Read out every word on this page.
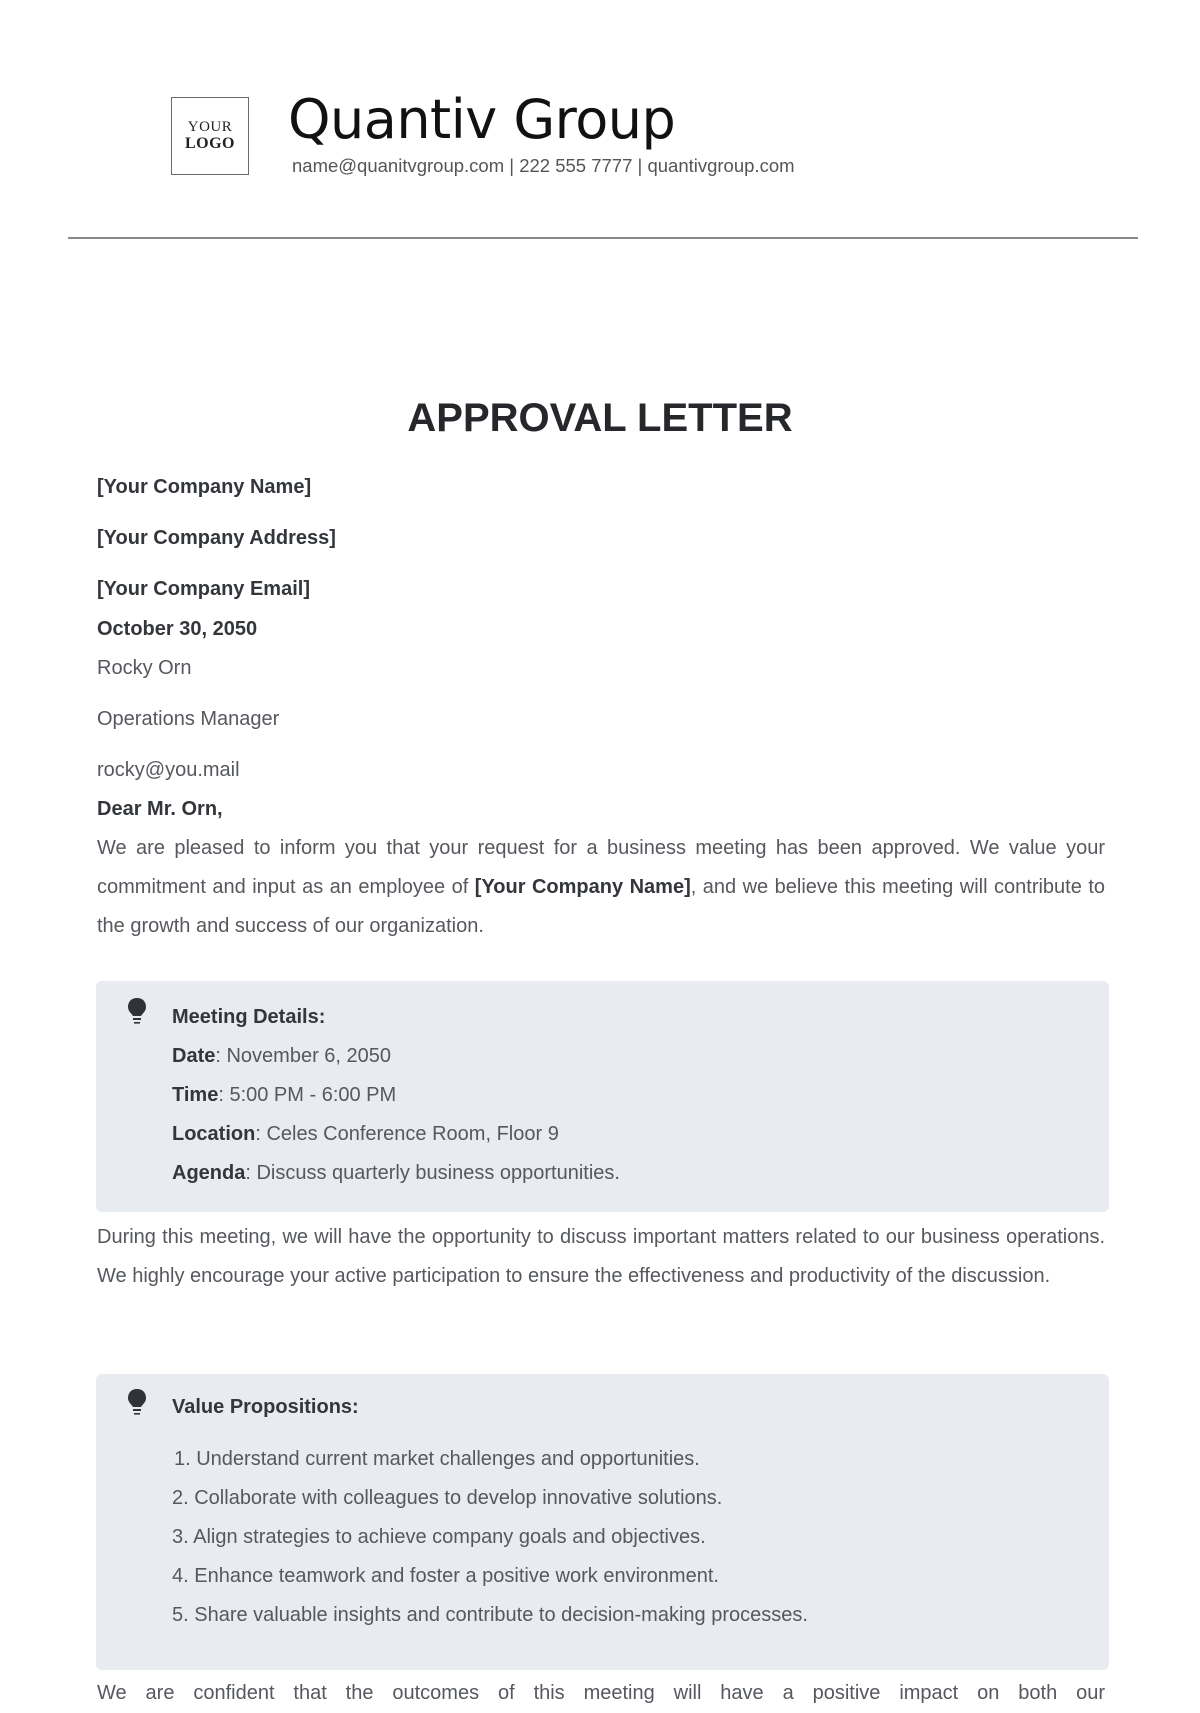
YOUR
LOGO Quantiv Group
name@quanitvgroup.com | 222 555 7777 | quantivgroup.com
APPROVAL LETTER
[Your Company Name]
[Your Company Address]
[Your Company Email]
October 30, 2050
Rocky Orn
Operations Manager
rocky@you.mail
Dear Mr. Orn,
We are pleased to inform you that your request for a business meeting has been approved. We value your commitment and input as an employee of [Your Company Name], and we believe this meeting will contribute to the growth and success of our organization.
Meeting Details:
Date: November 6, 2050
Time: 5:00 PM - 6:00 PM
Location: Celes Conference Room, Floor 9
Agenda: Discuss quarterly business opportunities.
During this meeting, we will have the opportunity to discuss important matters related to our business operations. We highly encourage your active participation to ensure the effectiveness and productivity of the discussion.
Value Propositions:
1. Understand current market challenges and opportunities.
2. Collaborate with colleagues to develop innovative solutions.
3. Align strategies to achieve company goals and objectives.
4. Enhance teamwork and foster a positive work environment.
5. Share valuable insights and contribute to decision-making processes.
We are confident that the outcomes of this meeting will have a positive impact on both our
